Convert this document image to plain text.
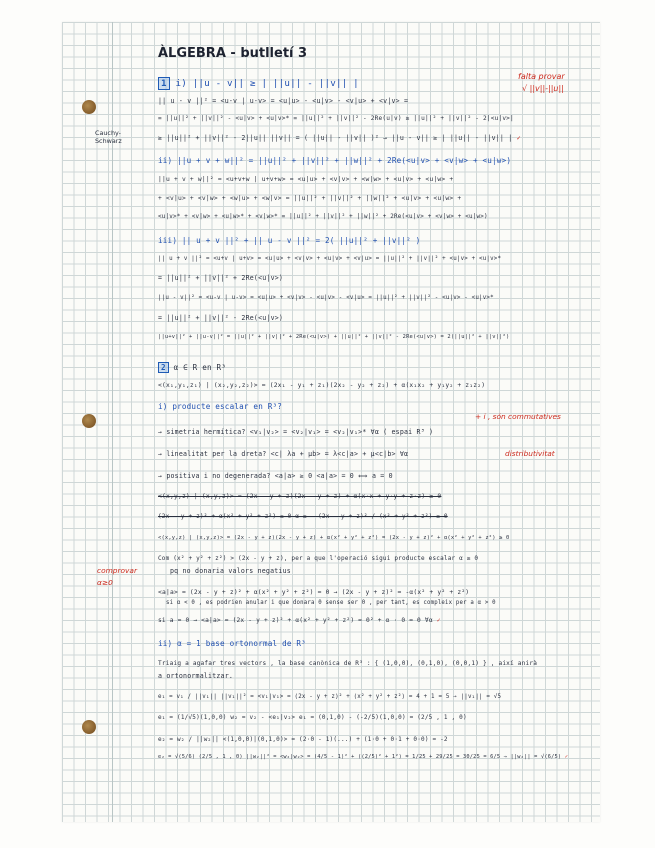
ÀLGEBRA - butlletí 3
falta provar
√ ||v||-||u||
Cauchy-
Schwarz
1 i) ||u - v|| ≥ | ||u|| - ||v|| |
|| u - v ||² = <u-v | u-v> = <u|u> - <u|v> - <v|u> + <v|v> =
= ||u||² + ||v||² - <u|v> + <u|v>* = ||u||² + ||v||² - 2Re(u|v) ≥ ||u||² + ||v||² - 2|<u|v>|
≥ ||u||² + ||v||² - 2||u|| ||v|| = ( ||u|| - ||v|| )² → ||u - v|| ≥ | ||u|| - ||v|| | ✓
ii) ||u + v + w||² = ||u||² + ||v||² + ||w||² + 2Re(<u|v> + <v|w> + <u|w>)
||u + v + w||² = <u+v+w | u+v+w> = <u|u> + <v|v> + <w|w> + <u|v> + <u|w> +
+ <v|u> + <v|w> + <w|u> + <w|v> = ||u||² + ||v||² + ||w||² + <u|v> + <u|w> +
<u|v>* + <v|w> + <u|w>* + <v|w>* = ||u||² + ||v||² + ||w||² + 2Re(<u|v> + <v|w> + <u|w>)
iii) || u + v ||² + || u - v ||² = 2( ||u||² + ||v||² )
|| u + v ||² = <u+v | u+v> = <u|u> + <v|v> + <u|v> + <v|u> = ||u||² + ||v||² + <u|v> + <u|v>*
= ||u||² + ||v||² + 2Re(<u|v>)
||u - v||² = <u-v | u-v> = <u|u> + <v|v> - <u|v> - <v|u> = ||u||² + ||v||² - <u|v> - <u|v>*
= ||u||² + ||v||² - 2Re(<u|v>)
||u+v||² + ||u-v||² = ||u||² + ||v||² + 2Re(<u|v>) + ||u||² + ||v||² - 2Re(<u|v>) = 2(||u||² + ||v||²)
2 α ∈ R en R³
<(x₁,y₁,z₁) | (x₂,y₂,z₂)> = (2x₁ - y₁ + z₁)(2x₂ - y₂ + z₂) + α(x₁x₂ + y₁y₂ + z₁z₂)
i) producte escalar en R³?
+ i , són commutatives
→ simetria hermítica? <v₁|v₂> = <v₂|v₁> = <v₂|v₁>* ∀α ( espai R³ )
→ linealitat per la dreta? <c| λa + μb> = λ<c|a> + μ<c|b> ∀α	distributivitat
→ positiva i no degenerada? <a|a> ≥ 0 <a|a> = 0 ⟺ a = 0
<(x,y,z) | (x,y,z)> = (2x - y + z)(2x - y + z) + α(x·x + y·y + z·z) ≥ 0
(2x - y + z)² + α(x² + y² + z²) ≥ 0 α ≥ - (2x - y + z)² / (x² + y² + z²) ≥ 0
<(x,y,z) | (x,y,z)> = (2x - y + z)(2x - y + z) + α(x² + y² + z²) = (2x - y + z)² + α(x² + y² + z²) ≥ 0
Com (x² + y² + z²) > (2x - y + z), per a que l'operació sigui producte escalar α ≥ 0
pq no donaria valors negatius
comprovar
α≥0
<a|a> = (2x - y + z)² + α(x² + y² + z²) = 0 → (2x - y + z)² = -α(x² + y² + z²)
si α < 0 , es podrien anular i que donara 0 sense ser 0 , per tant, es compleix per a α > 0
si a = 0 → <a|a> = (2x - y + z)² + α(x² + y² + z²) = 0² + α · 0 = 0 ∀α ✓
ii) α = 1 base ortonormal de R³
Triaig a agafar tres vectors , la base canònica de R³ : { (1,0,0), (0,1,0), (0,0,1) } , així anirà
a ortonormalitzar.
e₁ = v₁ / ||v₁|| ||v₁||² = <v₁|v₁> = (2x - y + z)² + (x² + y² + z²) = 4 + 1 = 5 → ||v₁|| = √5
e₁ = (1/√5)(1,0,0) w₂ = v₂ - <e₁|v₂> e₁ = (0,1,0) - (-2/5)(1,0,0) = (2/5 , 1 , 0)
e₂ = w₂ / ||w₂|| <(1,0,0)|(0,1,0)> = (2·0 - 1)(...) + (1·0 + 0·1 + 0·0) = -2
e₂ = √(5/6) (2/5 , 1 , 0) ||w₂||² = <w₂|w₂> = (4/5 - 1)² + ((2/5)² + 1²) = 1/25 + 29/25 = 30/25 = 6/5 → ||w₂|| = √(6/5) ✓
